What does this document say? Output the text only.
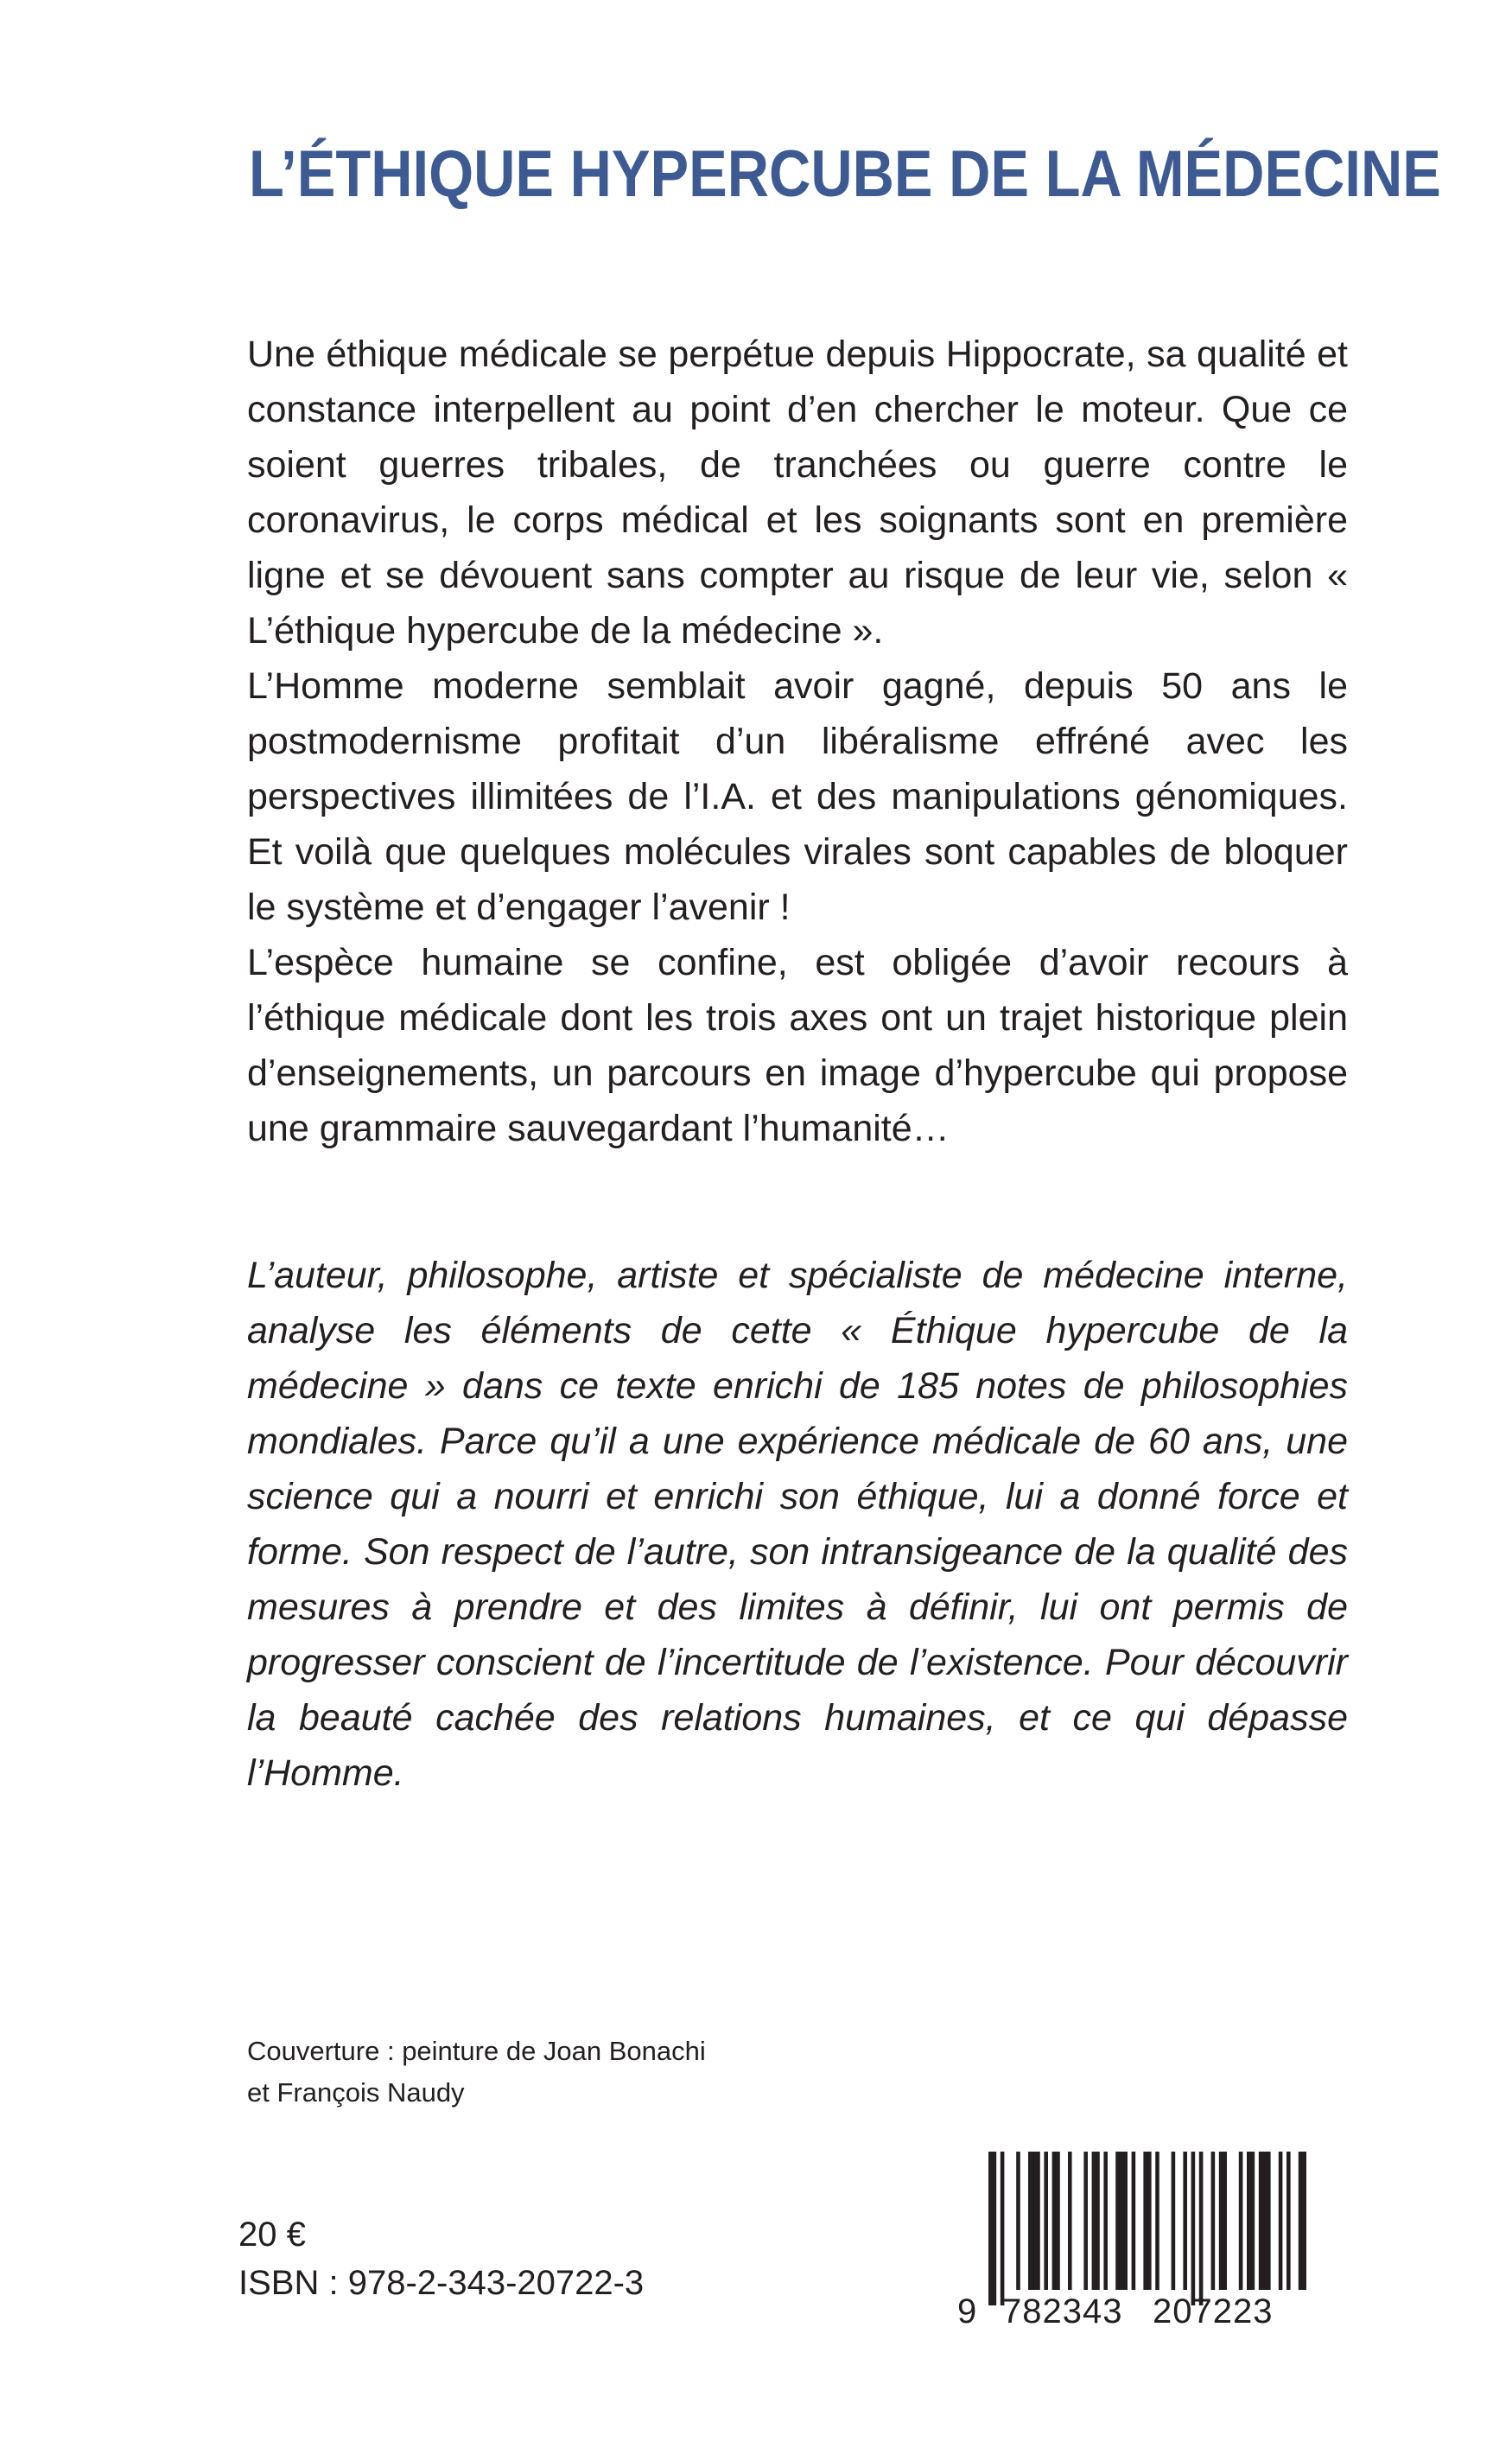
L’ÉTHIQUE HYPERCUBE DE LA MÉDECINE

Une éthique médicale se perpétue depuis Hippocrate, sa qualité et constance interpellent au point d’en chercher le moteur. Que ce soient guerres tribales, de tranchées ou guerre contre le coronavirus, le corps médical et les soignants sont en première ligne et se dévouent sans compter au risque de leur vie, selon « L’éthique hypercube de la médecine ».

L’Homme moderne semblait avoir gagné, depuis 50 ans le postmodernisme profitait d’un libéralisme effréné avec les perspectives illimitées de l’I.A. et des manipulations génomiques. Et voilà que quelques molécules virales sont capables de bloquer le système et d’engager l’avenir !

L’espèce humaine se confine, est obligée d’avoir recours à l’éthique médicale dont les trois axes ont un trajet historique plein d’enseignements, un parcours en image d’hypercube qui propose une grammaire sauvegardant l’humanité…

L’auteur, philosophe, artiste et spécialiste de médecine interne, analyse les éléments de cette « Éthique hypercube de la médecine » dans ce texte enrichi de 185 notes de philosophies mondiales. Parce qu’il a une expérience médicale de 60 ans, une science qui a nourri et enrichi son éthique, lui a donné force et forme. Son respect de l’autre, son intransigeance de la qualité des mesures à prendre et des limites à définir, lui ont permis de progresser conscient de l’incertitude de l’existence. Pour découvrir la beauté cachée des relations humaines, et ce qui dépasse l’Homme.

Couverture : peinture de Joan Bonachi
et François Naudy
20 €
ISBN : 978-2-343-20722-3
9 782343 207223
